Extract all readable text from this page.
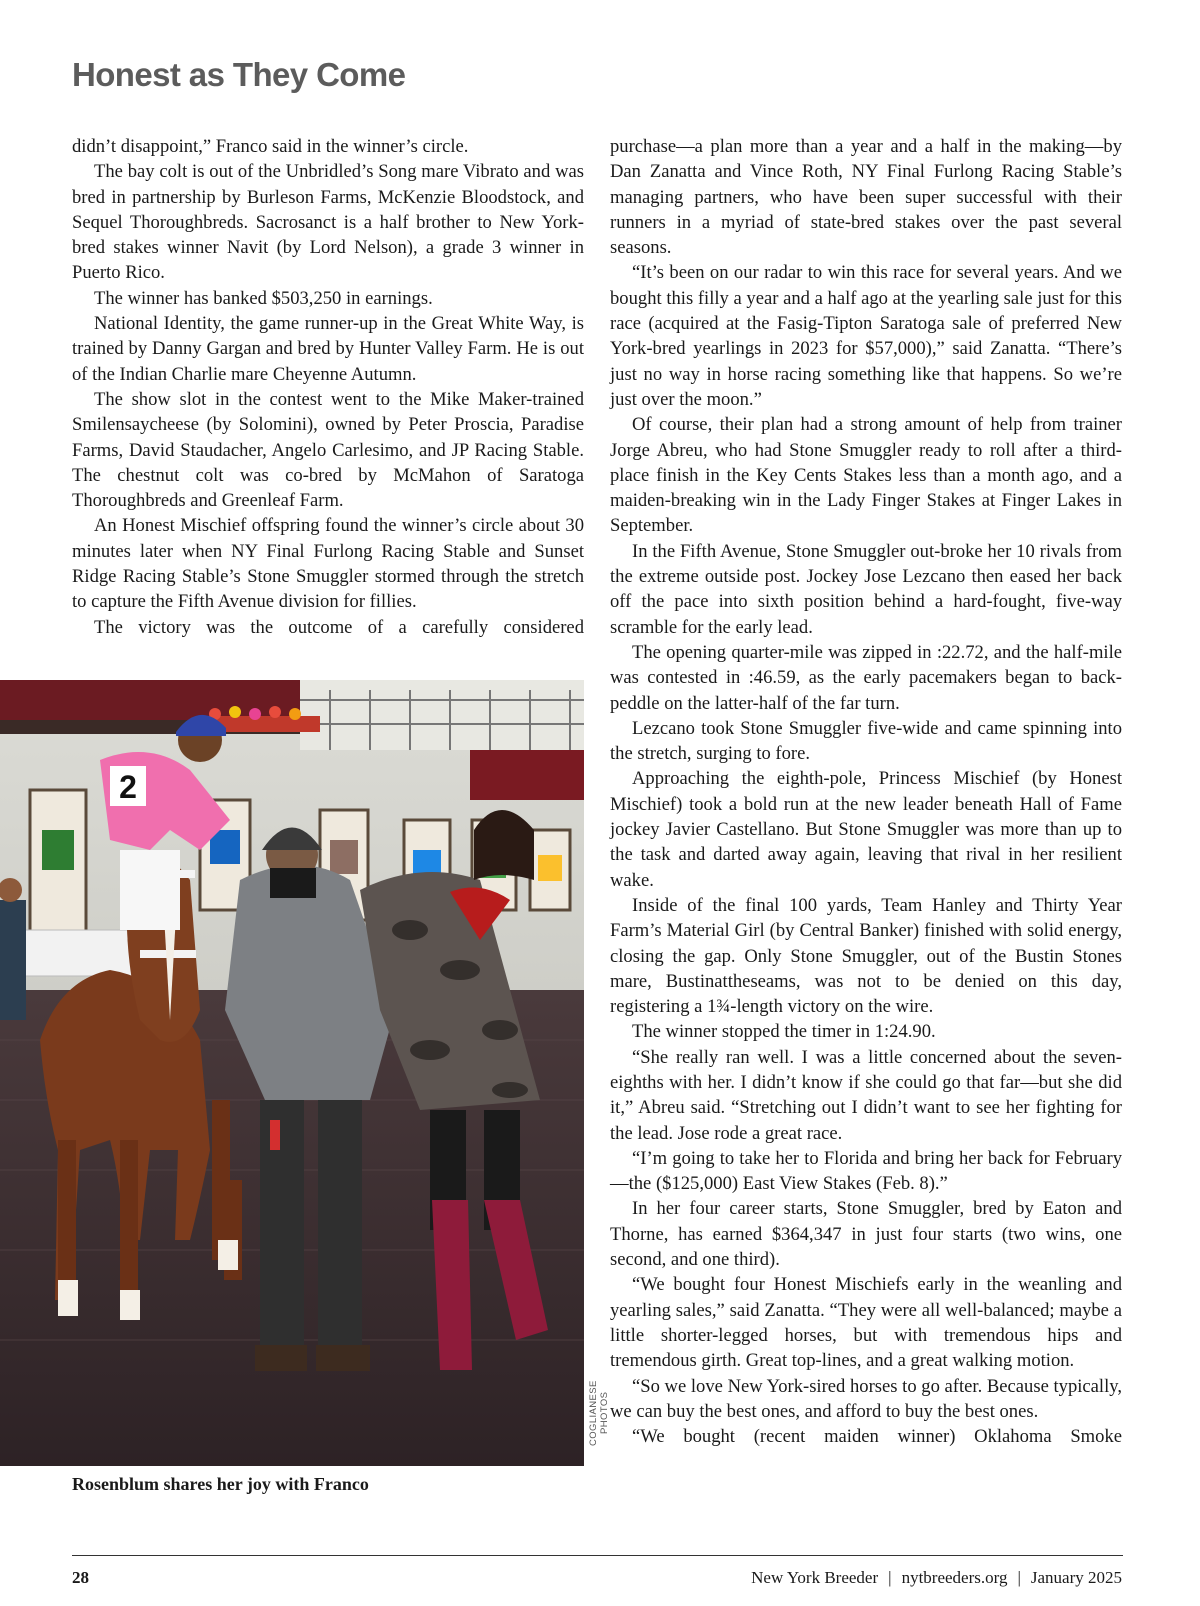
Honest as They Come

didn’t disappoint,” Franco said in the winner’s circle.

The bay colt is out of the Unbridled’s Song mare Vibrato and was bred in partnership by Burleson Farms, McKenzie Bloodstock, and Sequel Thoroughbreds. Sacrosanct is a half brother to New York-bred stakes winner Navit (by Lord Nelson), a grade 3 winner in Puerto Rico.

The winner has banked $503,250 in earnings.

National Identity, the game runner-up in the Great White Way, is trained by Danny Gargan and bred by Hunter Valley Farm. He is out of the Indian Charlie mare Cheyenne Autumn.

The show slot in the contest went to the Mike Maker-trained Smilensaycheese (by Solomini), owned by Peter Proscia, Paradise Farms, David Staudacher, Angelo Carlesimo, and JP Racing Stable. The chestnut colt was co-bred by McMahon of Saratoga Thoroughbreds and Greenleaf Farm.

An Honest Mischief offspring found the winner’s circle about 30 minutes later when NY Final Furlong Racing Stable and Sunset Ridge Racing Stable’s Stone Smuggler stormed through the stretch to capture the Fifth Avenue division for fillies.

The victory was the outcome of a carefully considered

purchase—a plan more than a year and a half in the making—by Dan Zanatta and Vince Roth, NY Final Furlong Racing Stable’s managing partners, who have been super successful with their runners in a myriad of state-bred stakes over the past several seasons.

“It’s been on our radar to win this race for several years. And we bought this filly a year and a half ago at the yearling sale just for this race (acquired at the Fasig-Tipton Saratoga sale of preferred New York-bred yearlings in 2023 for $57,000),” said Zanatta. “There’s just no way in horse racing something like that happens. So we’re just over the moon.”

Of course, their plan had a strong amount of help from trainer Jorge Abreu, who had Stone Smuggler ready to roll after a third-place finish in the Key Cents Stakes less than a month ago, and a maiden-breaking win in the Lady Finger Stakes at Finger Lakes in September.

In the Fifth Avenue, Stone Smuggler out-broke her 10 rivals from the extreme outside post. Jockey Jose Lezcano then eased her back off the pace into sixth position behind a hard-fought, five-way scramble for the early lead.

The opening quarter-mile was zipped in :22.72, and the half-mile was contested in :46.59, as the early pacemakers began to back-peddle on the latter-half of the far turn.

Lezcano took Stone Smuggler five-wide and came spinning into the stretch, surging to fore.

Approaching the eighth-pole, Princess Mischief (by Honest Mischief) took a bold run at the new leader beneath Hall of Fame jockey Javier Castellano. But Stone Smuggler was more than up to the task and darted away again, leaving that rival in her resilient wake.

Inside of the final 100 yards, Team Hanley and Thirty Year Farm’s Material Girl (by Central Banker) finished with solid energy, closing the gap. Only Stone Smuggler, out of the Bustin Stones mare, Bustinattheseams, was not to be denied on this day, registering a 1¾-length victory on the wire.

The winner stopped the timer in 1:24.90.

“She really ran well. I was a little concerned about the seven-eighths with her. I didn’t know if she could go that far—but she did it,” Abreu said. “Stretching out I didn’t want to see her fighting for the lead. Jose rode a great race.

“I’m going to take her to Florida and bring her back for February—the ($125,000) East View Stakes (Feb. 8).”

In her four career starts, Stone Smuggler, bred by Eaton and Thorne, has earned $364,347 in just four starts (two wins, one second, and one third).

“We bought four Honest Mischiefs early in the weanling and yearling sales,” said Zanatta. “They were all well-balanced; maybe a little shorter-legged horses, but with tremendous hips and tremendous girth. Great top-lines, and a great walking motion.

“So we love New York-sired horses to go after. Because typically, we can buy the best ones, and afford to buy the best ones.

“We bought (recent maiden winner) Oklahoma Smoke

2
COGLIANESE PHOTOS
Rosenblum shares her joy with Franco
28	New York Breeder | nytbreeders.org | January 2025
